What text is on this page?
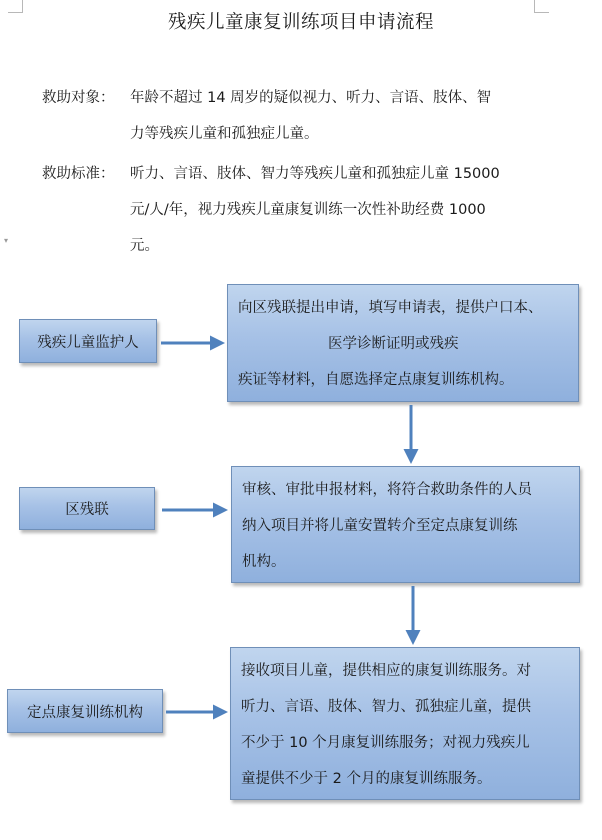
▾
残疾儿童康复训练项目申请流程
救助对象： 年龄不超过 14 周岁的疑似视力、听力、言语、肢体、智
力等残疾儿童和孤独症儿童。
救助标准： 听力、言语、肢体、智力等残疾儿童和孤独症儿童 15000
元/人/年，视力残疾儿童康复训练一次性补助经费 1000
元。
残疾儿童监护人
向区残联提出申请，填写申请表，提供户口本、
医学诊断证明或残疾
疾证等材料，自愿选择定点康复训练机构。
区残联
审核、审批申报材料，将符合救助条件的人员
纳入项目并将儿童安置转介至定点康复训练
机构。
定点康复训练机构
接收项目儿童，提供相应的康复训练服务。对
听力、言语、肢体、智力、孤独症儿童，提供
不少于 10 个月康复训练服务；对视力残疾儿
童提供不少于 2 个月的康复训练服务。
